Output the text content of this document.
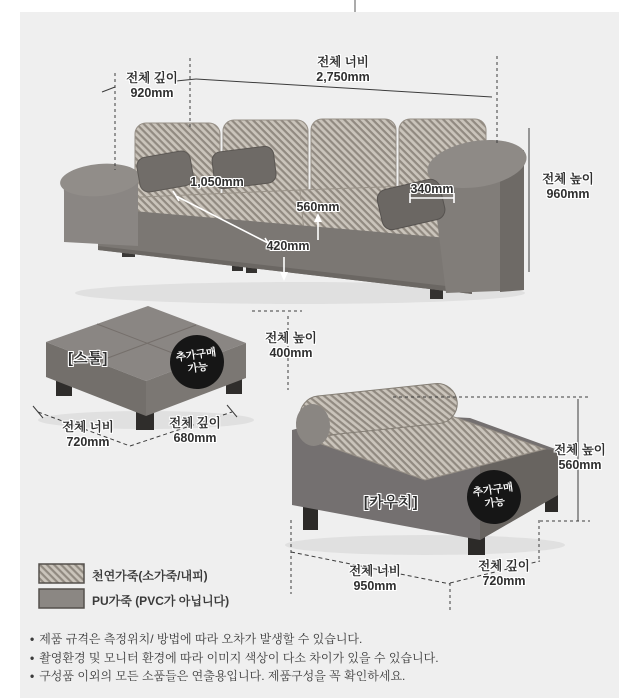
전체 깊이
920mm
전체 너비
2,750mm
전체 높이
960mm
1,050mm
560mm
420mm
340mm
[스툴]	추가구매
가능
전체 높이
400mm
전체 너비
720mm
전체 깊이
680mm
[카우치]
추가구매
가능
전체 높이
560mm
전체 너비
950mm
전체 깊이
720mm
천연가죽(소가죽/내피)
PU가죽 (PVC가 아닙니다)
• 제품 규격은 측정위치/ 방법에 따라 오차가 발생할 수 있습니다.
• 촬영환경 및 모니터 환경에 따라 이미지 색상이 다소 차이가 있을 수 있습니다.
• 구성품 이외의 모든 소품들은 연출용입니다. 제품구성을 꼭 확인하세요.
